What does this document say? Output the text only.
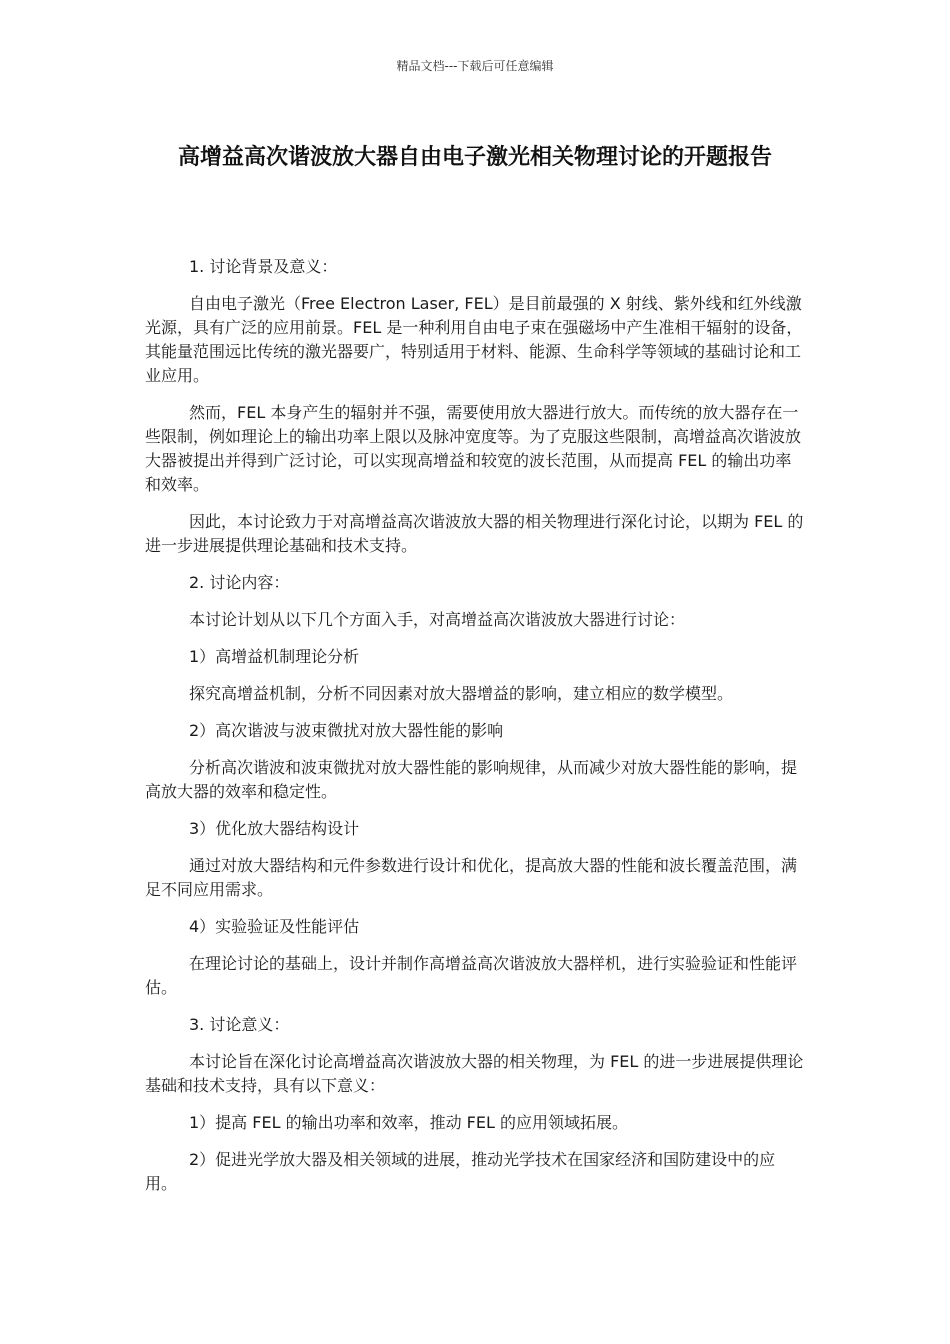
精品文档---下载后可任意编辑
高增益高次谐波放大器自由电子激光相关物理讨论的开题报告

1. 讨论背景及意义：

自由电子激光（Free Electron Laser, FEL）是目前最强的 X 射线、紫外线和红外线激光源，具有广泛的应用前景。FEL 是一种利用自由电子束在强磁场中产生准相干辐射的设备，其能量范围远比传统的激光器要广，特别适用于材料、能源、生命科学等领域的基础讨论和工业应用。

然而，FEL 本身产生的辐射并不强，需要使用放大器进行放大。而传统的放大器存在一些限制，例如理论上的输出功率上限以及脉冲宽度等。为了克服这些限制，高增益高次谐波放大器被提出并得到广泛讨论，可以实现高增益和较宽的波长范围，从而提高 FEL 的输出功率和效率。

因此，本讨论致力于对高增益高次谐波放大器的相关物理进行深化讨论，以期为 FEL 的进一步进展提供理论基础和技术支持。

2. 讨论内容：

本讨论计划从以下几个方面入手，对高增益高次谐波放大器进行讨论：

1）高增益机制理论分析

探究高增益机制，分析不同因素对放大器增益的影响，建立相应的数学模型。

2）高次谐波与波束微扰对放大器性能的影响

分析高次谐波和波束微扰对放大器性能的影响规律，从而减少对放大器性能的影响，提高放大器的效率和稳定性。

3）优化放大器结构设计

通过对放大器结构和元件参数进行设计和优化，提高放大器的性能和波长覆盖范围，满足不同应用需求。

4）实验验证及性能评估

在理论讨论的基础上，设计并制作高增益高次谐波放大器样机，进行实验验证和性能评估。

3. 讨论意义：

本讨论旨在深化讨论高增益高次谐波放大器的相关物理，为 FEL 的进一步进展提供理论基础和技术支持，具有以下意义：

1）提高 FEL 的输出功率和效率，推动 FEL 的应用领域拓展。

2）促进光学放大器及相关领域的进展，推动光学技术在国家经济和国防建设中的应用。
